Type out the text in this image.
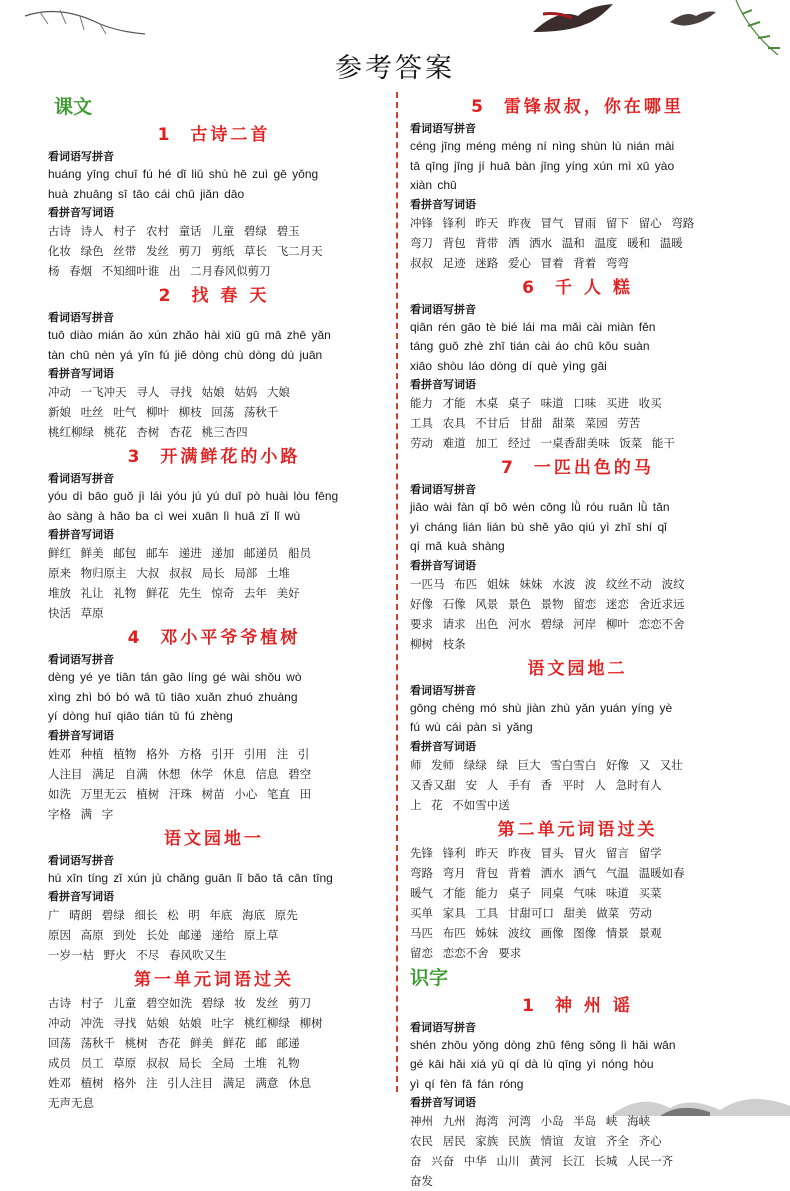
参考答案
课文
1 古诗二首
看词语写拼音
huáng yīng chuī fú hé dǐ liǔ shù hē zuì gē yǒng
huà zhuāng sī tāo cái chū jiǎn dāo
看拼音写词语
古诗 诗人 村子 农村 童话 儿童 碧绿 碧玉
化妆 绿色 丝带 发丝 剪刀 剪纸 草长 飞二月天
杨 春烟 不知细叶谁 出 二月春风似剪刀
2 找 春 天
看词语写拼音
tuō diào mián ǎo xún zhǎo hài xiū gū mā zhē yǎn
tàn chū nèn yá yīn fú jiě dòng chù dòng dù juān
看拼音写词语
冲动 一飞冲天 寻人 寻找 姑娘 姑妈 大娘
新娘 吐丝 吐气 柳叶 柳枝 回荡 荡秋千
桃红柳绿 桃花 杏树 杏花 桃三杏四
3 开满鲜花的小路
看词语写拼音
yóu dì bāo guǒ jì lái yóu jú yú duī pò huài lòu fēng
ào sàng à hǎo ba cì wei xuān lì huā zǐ lǐ wù
看拼音写词语
鲜红 鲜美 邮包 邮车 递进 递加 邮递员 船员
原来 物归原主 大叔 叔叔 局长 局部 土堆
堆放 礼让 礼物 鲜花 先生 惊奇 去年 美好
快活 草原
4 邓小平爷爷植树
看词语写拼音
dèng yé ye tiān tán gāo líng gé wài shǒu wò
xìng zhì bó bó wā tǔ tiāo xuǎn zhuó zhuàng
yí dòng huī qiāo tián tǔ fú zhèng
看拼音写词语
姓邓 种植 植物 格外 方格 引开 引用 注 引
人注目 满足 自满 休想 休学 休息 信息 碧空
如洗 万里无云 植树 汗珠 树苗 小心 笔直 田
字格 满 字
语文园地一
看词语写拼音
hú xīn tíng zǐ xún jù chǎng guān lǐ bǎo tǎ cān tīng
看拼音写词语
广 晴朗 碧绿 细长 松 明 年底 海底 原先
原因 高原 到处 长处 邮递 递给 原上草
一岁一枯 野火 不尽 春风吹又生
第一单元词语过关
古诗 村子 儿童 碧空如洗 碧绿 妆 发丝 剪刀
冲动 冲洗 寻找 姑娘 姑娘 吐字 桃红柳绿 柳树
回荡 荡秋千 桃树 杏花 鲜美 鲜花 邮 邮递
成员 员工 草原 叔叔 局长 全局 土堆 礼物
姓邓 植树 格外 注 引人注目 满足 满意 休息
无声无息
5 雷锋叔叔，你在哪里
看词语写拼音
céng jīng méng méng ní nìng shùn lù nián mài
tā qīng jīng jí huā bàn jīng yíng xún mì xū yào
xiàn chū
看拼音写词语
冲锋 锋利 昨天 昨夜 冒气 冒雨 留下 留心 弯路
弯刀 背包 背带 洒 洒水 温和 温度 暖和 温暖
叔叔 足迹 迷路 爱心 冒着 背着 弯弯
6 千 人 糕
看词语写拼音
qiān rén gāo tè bié lái ma mǎi cài miàn fěn
táng guǒ zhè zhī tián cài áo chū kǒu suàn
xiāo shòu láo dòng dí què yìng gāi
看拼音写词语
能力 才能 木桌 桌子 味道 口味 买进 收买
工具 农具 不甘后 甘甜 甜菜 菜园 劳苦
劳动 难道 加工 经过 一桌香甜美味 饭菜 能干
7 一匹出色的马
看词语写拼音
jiāo wài fàn qǐ bō wén cōng lǜ róu ruǎn lǜ tǎn
yì cháng lián lián bù shě yāo qiú yì zhī shí qǐ
qí mǎ kuà shàng
看拼音写词语
一匹马 布匹 姐妹 妹妹 水波 波 纹丝不动 波纹
好像 石像 风景 景色 景物 留恋 迷恋 舍近求远
要求 请求 出色 河水 碧绿 河岸 柳叶 恋恋不舍
柳树 枝条
语文园地二
看词语写拼音
gōng chéng mó shù jiàn zhù yǎn yuán yíng yè
fú wù cái pàn sì yǎng
看拼音写词语
师 发师 绿绿 绿 巨大 雪白雪白 好像 又 又壮
又香又甜 安 人 手有 香 平时 人 急时有人
上 花 不如雪中送
第二单元词语过关
先锋 锋利 昨天 昨夜 冒头 冒火 留言 留学
弯路 弯月 背包 背着 洒水 洒气 气温 温暖如春
暖气 才能 能力 桌子 同桌 气味 味道 买菜
买单 家具 工具 甘甜可口 甜美 做菜 劳动
马匹 布匹 姊妹 波纹 画像 图像 情景 景观
留恋 恋恋不舍 要求
识字
1 神 州 谣
看词语写拼音
shén zhōu yǒng dòng zhū fēng sǒng lì hǎi wān
gé kāi hǎi xiá yǔ qí dà lù qīng yì nóng hòu
yì qí fèn fā fán róng
看拼音写词语
神州 九州 海湾 河湾 小岛 半岛 峡 海峡
农民 居民 家族 民族 情谊 友谊 齐全 齐心
奋 兴奋 中华 山川 黄河 长江 长城 人民一齐
奋发
